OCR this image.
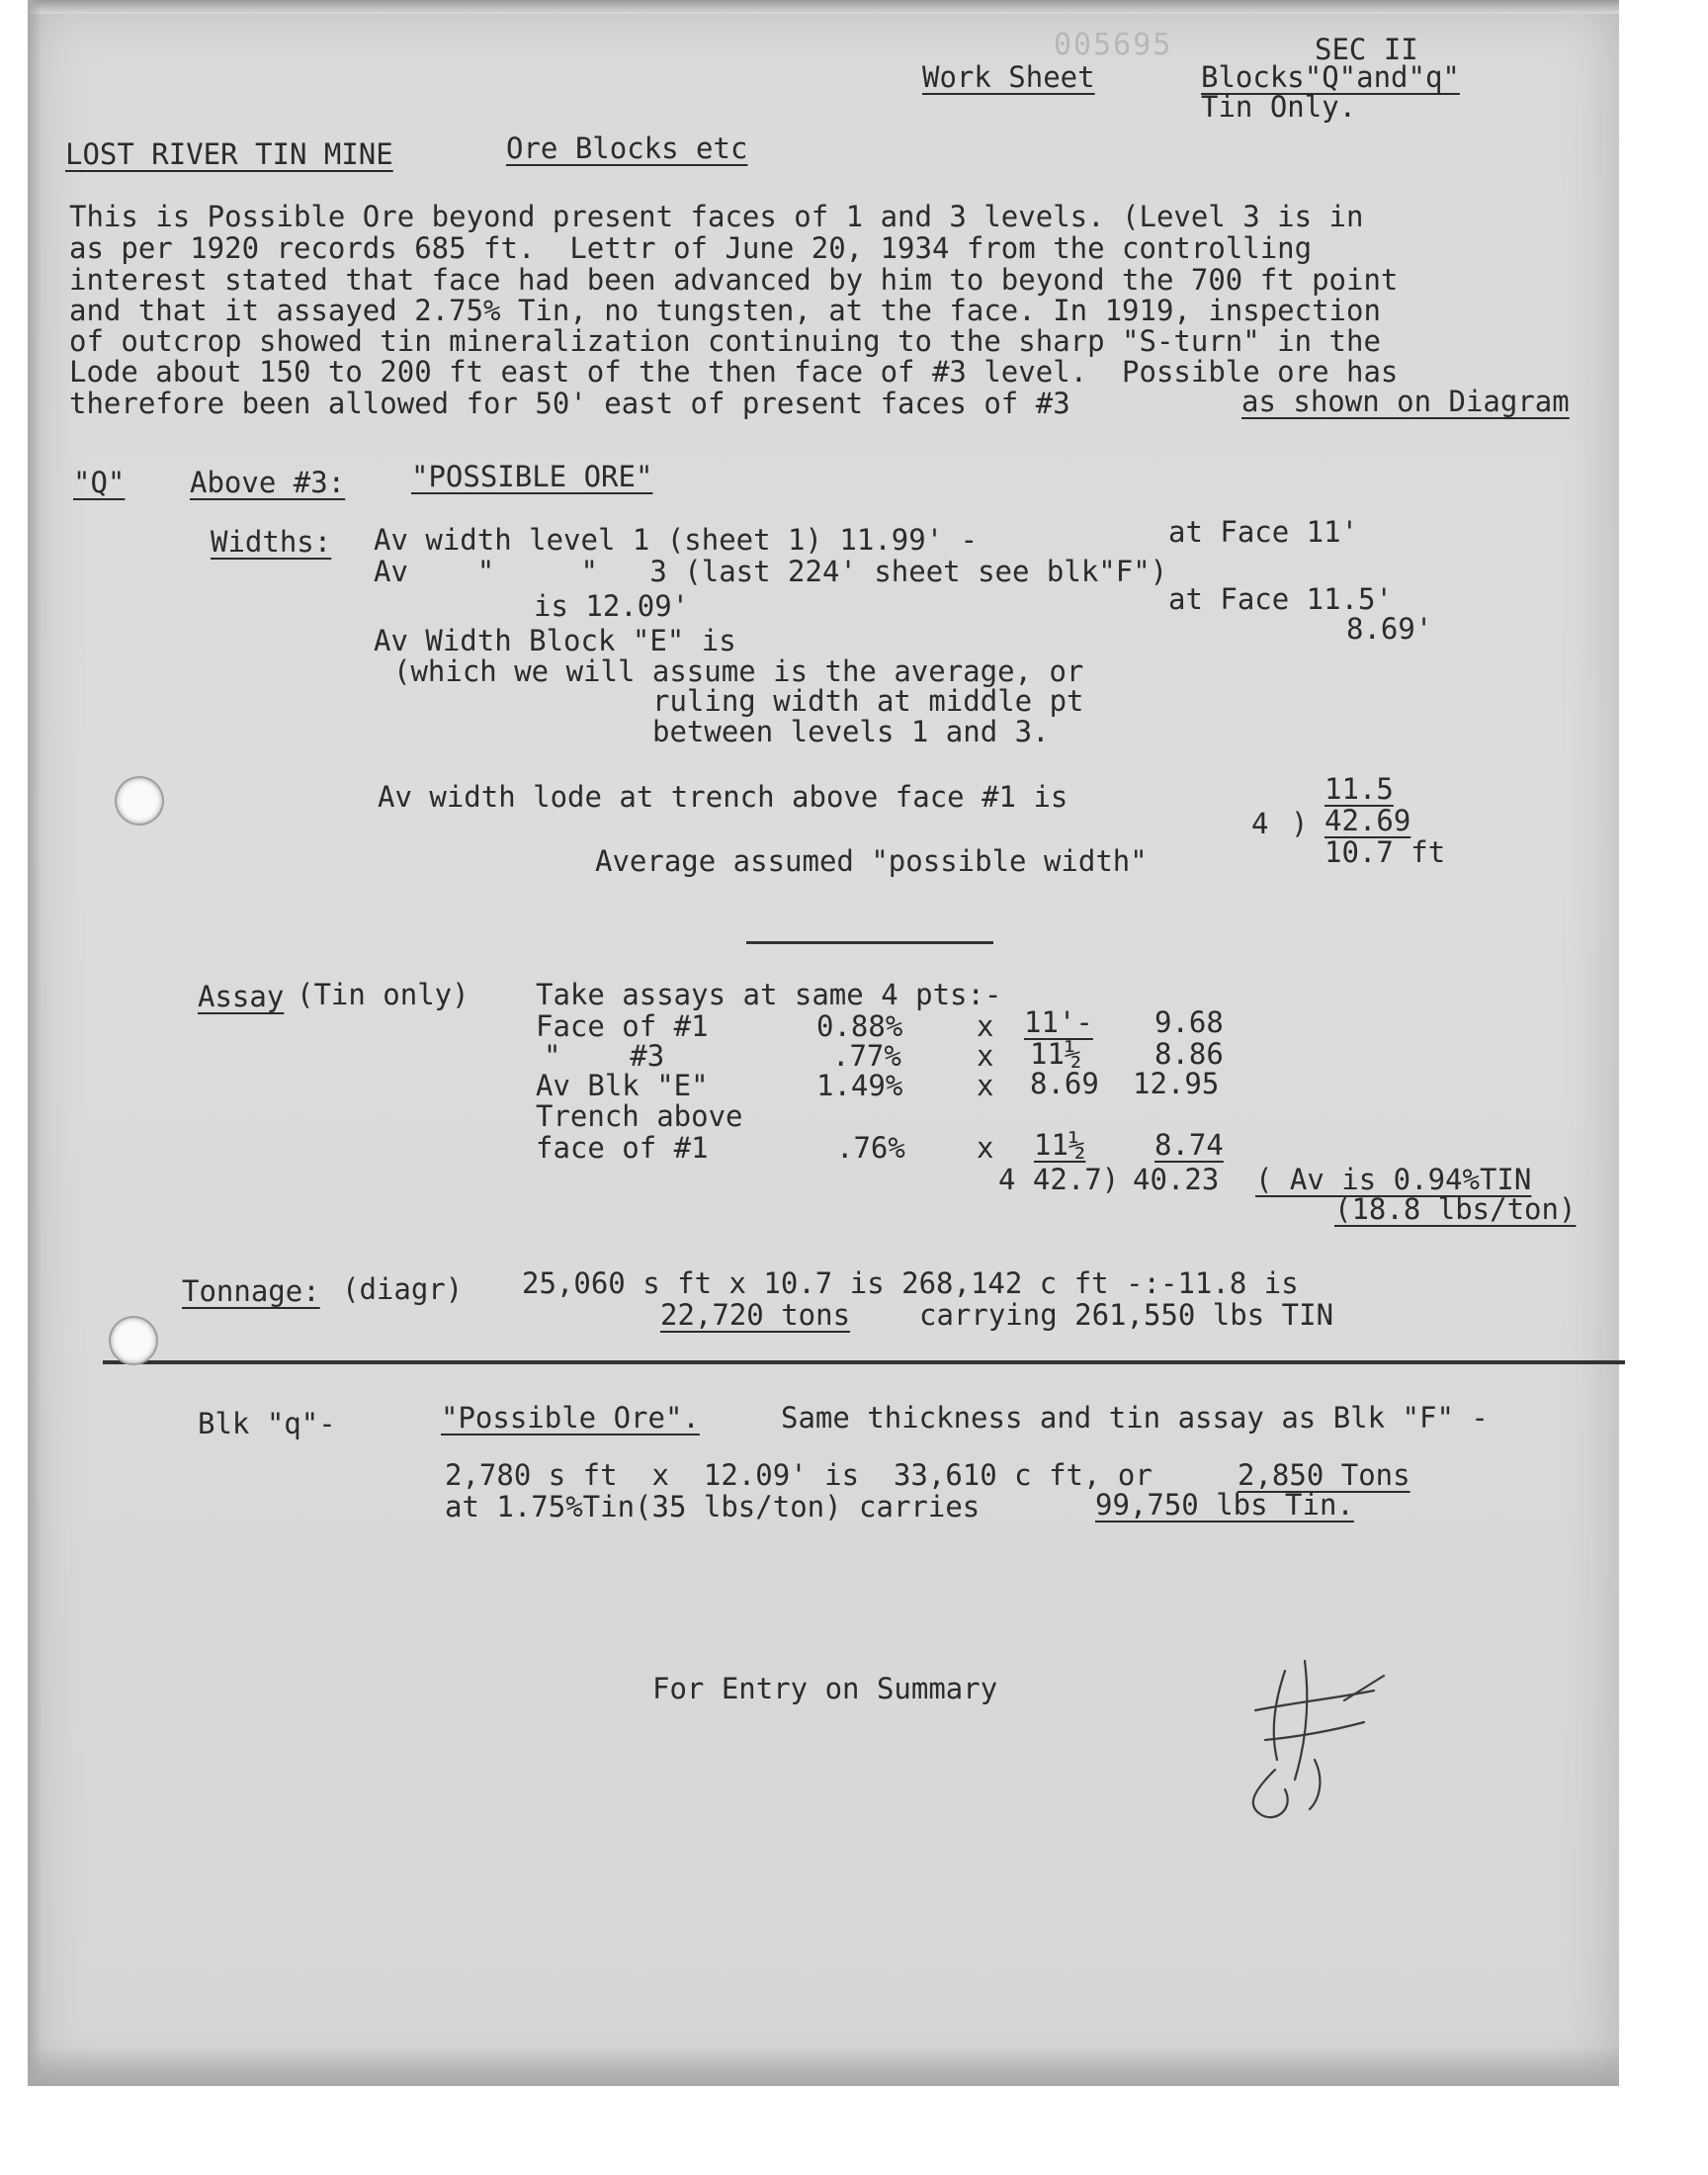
005695
Work Sheet
SEC II
Blocks"Q"and"q"
Tin Only.
LOST RIVER TIN MINE	Ore Blocks etc
This is Possible Ore beyond present faces of 1 and 3 levels. (Level 3 is in
as per 1920 records 685 ft.  Lettr of June 20, 1934 from the controlling
interest stated that face had been advanced by him to beyond the 700 ft point
and that it assayed 2.75% Tin, no tungsten, at the face. In 1919, inspection
of outcrop showed tin mineralization continuing to the sharp "S-turn" in the
Lode about 150 to 200 ft east of the then face of #3 level.  Possible ore has
therefore been allowed for 50' east of present faces of #3	as shown on Diagram
"Q" Above #3: "POSSIBLE ORE"
Widths: Av width level 1 (sheet 1) 11.99' -	at Face 11'
Av    "     "   3 (last 224' sheet see blk"F")
is 12.09'	at Face 11.5'
Av Width Block "E" is	8.69'
(which we will assume is the average, or
ruling width at middle pt
between levels 1 and 3.
Av width lode at trench above face #1 is	11.5
4 ) 42.69
Average assumed "possible width"	10.7 ft
Assay (Tin only) Take assays at same 4 pts:-
Face of #1	0.88%	x 11'- 9.68
"    #3	.77%	x 11½	8.86
Av Blk "E"	1.49%	x 8.69 12.95
Trench above
face of #1	.76% x 11½ 8.74
4 42.7) 40.23 ( Av is 0.94%TIN
(18.8 lbs/ton)
Tonnage: (diagr) 25,060 s ft x 10.7 is 268,142 c ft -:-11.8 is
22,720 tons carrying 261,550 lbs TIN
Blk "q"-	"Possible Ore".	Same thickness and tin assay as Blk "F" -
2,780 s ft  x  12.09' is  33,610 c ft, or	2,850 Tons
at 1.75%Tin(35 lbs/ton) carries	99,750 lbs Tin.
For Entry on Summary
